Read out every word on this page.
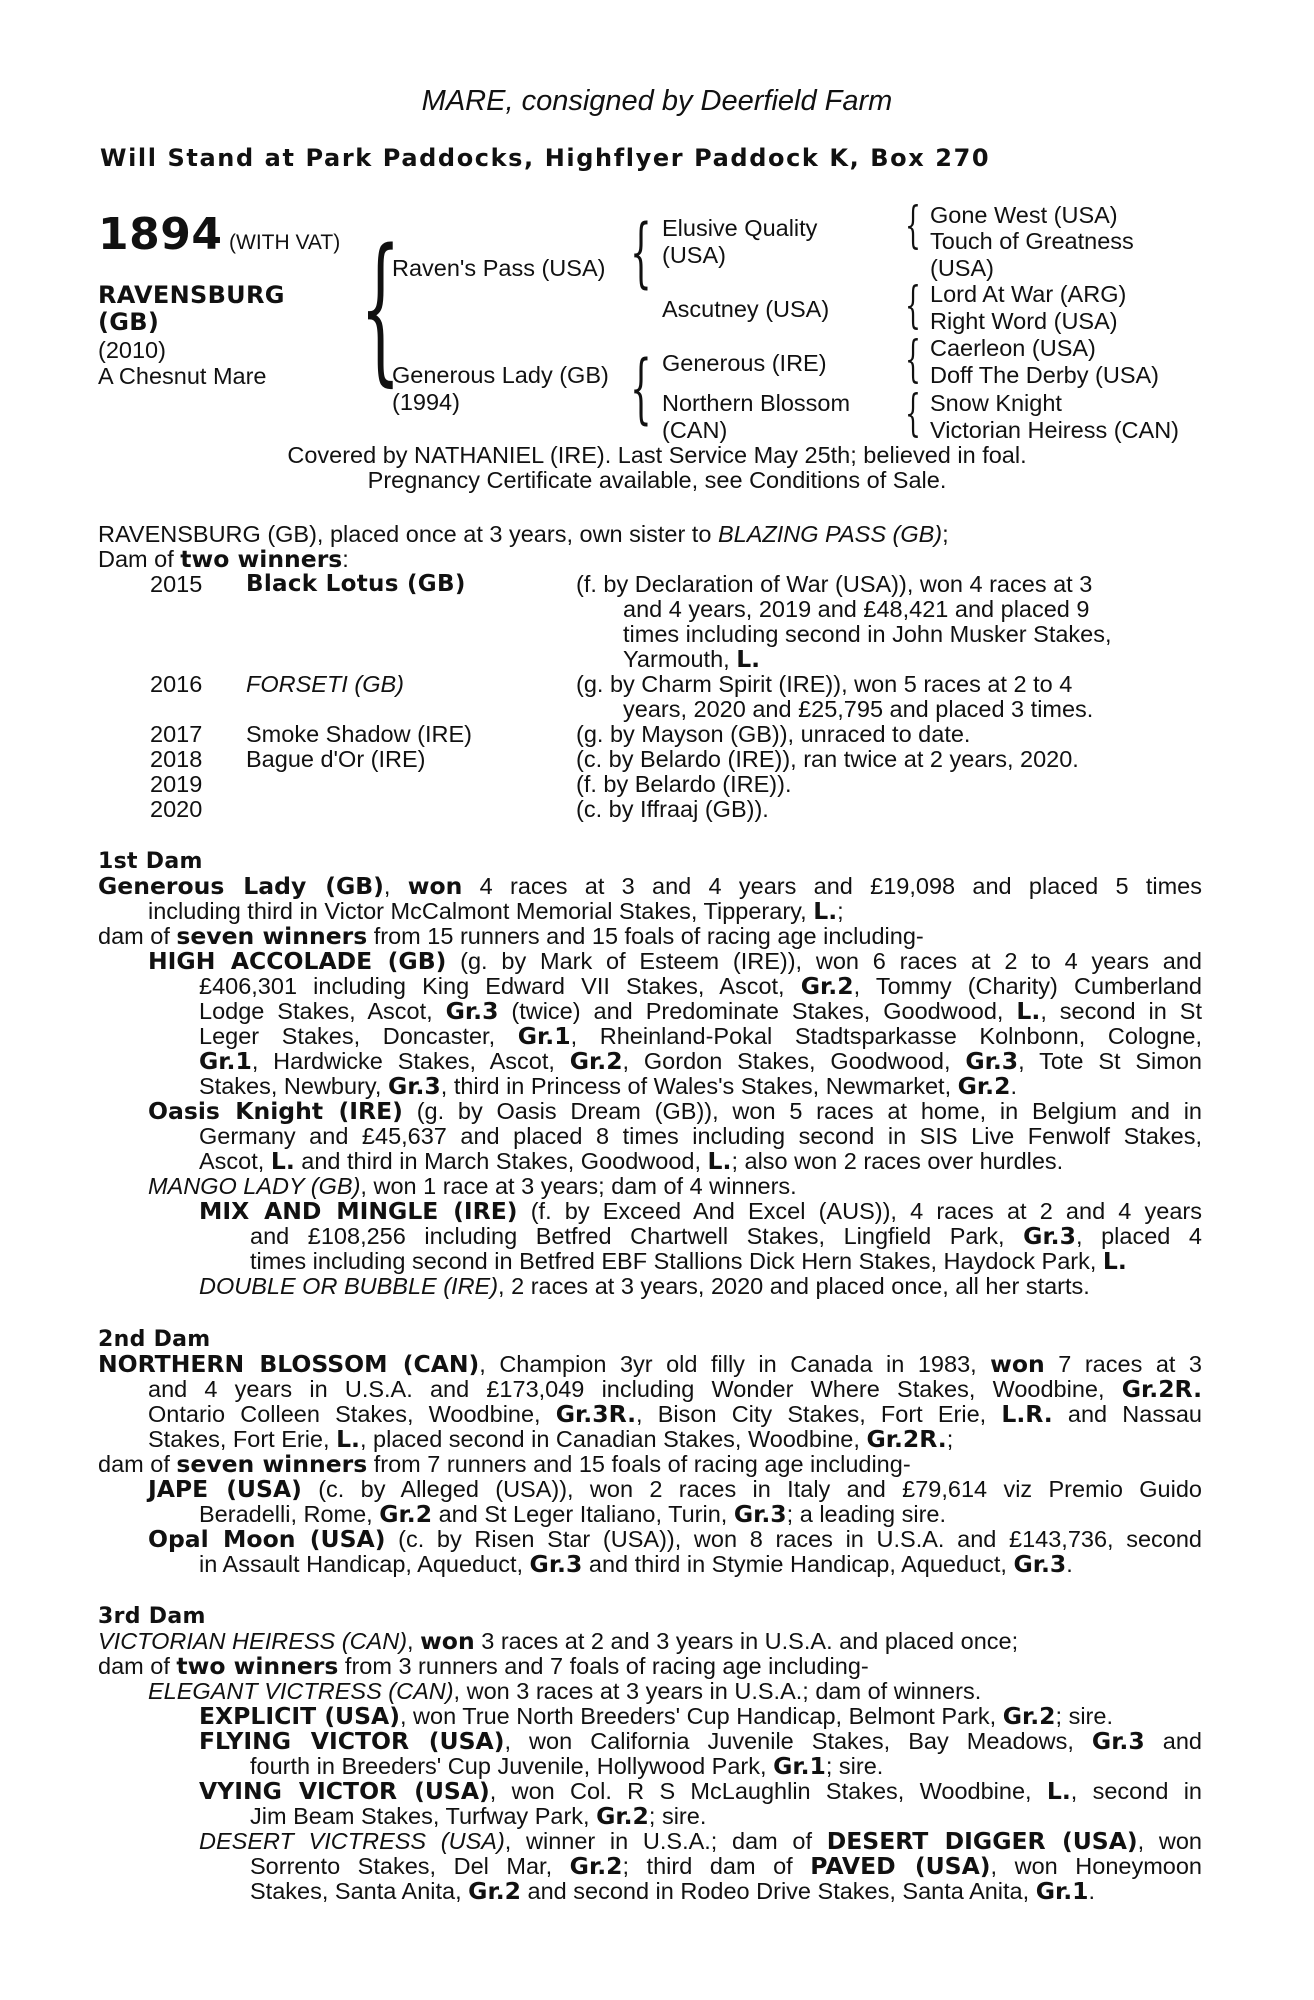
MARE, consigned by Deerfield Farm
Will Stand at Park Paddocks, Highflyer Paddock K, Box 270
1894 (WITH VAT)
RAVENSBURG
(GB)
(2010)
A Chesnut Mare {
Raven's Pass (USA)
Generous Lady (GB)
(1994)
{ Elusive Quality
(USA)
Ascutney (USA)
{ Generous (IRE)
Northern Blossom
(CAN)
{ Gone West (USA)
Touch of Greatness
(USA)
{ Lord At War (ARG)
Right Word (USA)
{ Caerleon (USA)
Doff The Derby (USA)
{ Snow Knight
Victorian Heiress (CAN)
Covered by NATHANIEL (IRE). Last Service May 25th; believed in foal.
Pregnancy Certificate available, see Conditions of Sale.
RAVENSBURG (GB), placed once at 3 years, own sister to BLAZING PASS (GB);
Dam of two winners:
2015 Black Lotus (GB)	(f. by Declaration of War (USA)), won 4 races at 3
and 4 years, 2019 and £48,421 and placed 9
times including second in John Musker Stakes,
Yarmouth, L.
2016 FORSETI (GB)	(g. by Charm Spirit (IRE)), won 5 races at 2 to 4
years, 2020 and £25,795 and placed 3 times.
2017 Smoke Shadow (IRE)	(g. by Mayson (GB)), unraced to date.
2018 Bague d'Or (IRE)	(c. by Belardo (IRE)), ran twice at 2 years, 2020.
2019	(f. by Belardo (IRE)).
2020	(c. by Iffraaj (GB)).
1st Dam
Generous Lady (GB), won 4 races at 3 and 4 years and £19,098 and placed 5 times
including third in Victor McCalmont Memorial Stakes, Tipperary, L.;
dam of seven winners from 15 runners and 15 foals of racing age including-
HIGH ACCOLADE (GB) (g. by Mark of Esteem (IRE)), won 6 races at 2 to 4 years and
£406,301 including King Edward VII Stakes, Ascot, Gr.2, Tommy (Charity) Cumberland
Lodge Stakes, Ascot, Gr.3 (twice) and Predominate Stakes, Goodwood, L., second in St
Leger Stakes, Doncaster, Gr.1, Rheinland-Pokal Stadtsparkasse Kolnbonn, Cologne,
Gr.1, Hardwicke Stakes, Ascot, Gr.2, Gordon Stakes, Goodwood, Gr.3, Tote St Simon
Stakes, Newbury, Gr.3, third in Princess of Wales's Stakes, Newmarket, Gr.2.
Oasis Knight (IRE) (g. by Oasis Dream (GB)), won 5 races at home, in Belgium and in
Germany and £45,637 and placed 8 times including second in SIS Live Fenwolf Stakes,
Ascot, L. and third in March Stakes, Goodwood, L.; also won 2 races over hurdles.
MANGO LADY (GB), won 1 race at 3 years; dam of 4 winners.
MIX AND MINGLE (IRE) (f. by Exceed And Excel (AUS)), 4 races at 2 and 4 years
and £108,256 including Betfred Chartwell Stakes, Lingfield Park, Gr.3, placed 4
times including second in Betfred EBF Stallions Dick Hern Stakes, Haydock Park, L.
DOUBLE OR BUBBLE (IRE), 2 races at 3 years, 2020 and placed once, all her starts.
2nd Dam
NORTHERN BLOSSOM (CAN), Champion 3yr old filly in Canada in 1983, won 7 races at 3
and 4 years in U.S.A. and £173,049 including Wonder Where Stakes, Woodbine, Gr.2R.
Ontario Colleen Stakes, Woodbine, Gr.3R., Bison City Stakes, Fort Erie, L.R. and Nassau
Stakes, Fort Erie, L., placed second in Canadian Stakes, Woodbine, Gr.2R.;
dam of seven winners from 7 runners and 15 foals of racing age including-
JAPE (USA) (c. by Alleged (USA)), won 2 races in Italy and £79,614 viz Premio Guido
Beradelli, Rome, Gr.2 and St Leger Italiano, Turin, Gr.3; a leading sire.
Opal Moon (USA) (c. by Risen Star (USA)), won 8 races in U.S.A. and £143,736, second
in Assault Handicap, Aqueduct, Gr.3 and third in Stymie Handicap, Aqueduct, Gr.3.
3rd Dam
VICTORIAN HEIRESS (CAN), won 3 races at 2 and 3 years in U.S.A. and placed once;
dam of two winners from 3 runners and 7 foals of racing age including-
ELEGANT VICTRESS (CAN), won 3 races at 3 years in U.S.A.; dam of winners.
EXPLICIT (USA), won True North Breeders' Cup Handicap, Belmont Park, Gr.2; sire.
FLYING VICTOR (USA), won California Juvenile Stakes, Bay Meadows, Gr.3 and
fourth in Breeders' Cup Juvenile, Hollywood Park, Gr.1; sire.
VYING VICTOR (USA), won Col. R S McLaughlin Stakes, Woodbine, L., second in
Jim Beam Stakes, Turfway Park, Gr.2; sire.
DESERT VICTRESS (USA), winner in U.S.A.; dam of DESERT DIGGER (USA), won
Sorrento Stakes, Del Mar, Gr.2; third dam of PAVED (USA), won Honeymoon
Stakes, Santa Anita, Gr.2 and second in Rodeo Drive Stakes, Santa Anita, Gr.1.
